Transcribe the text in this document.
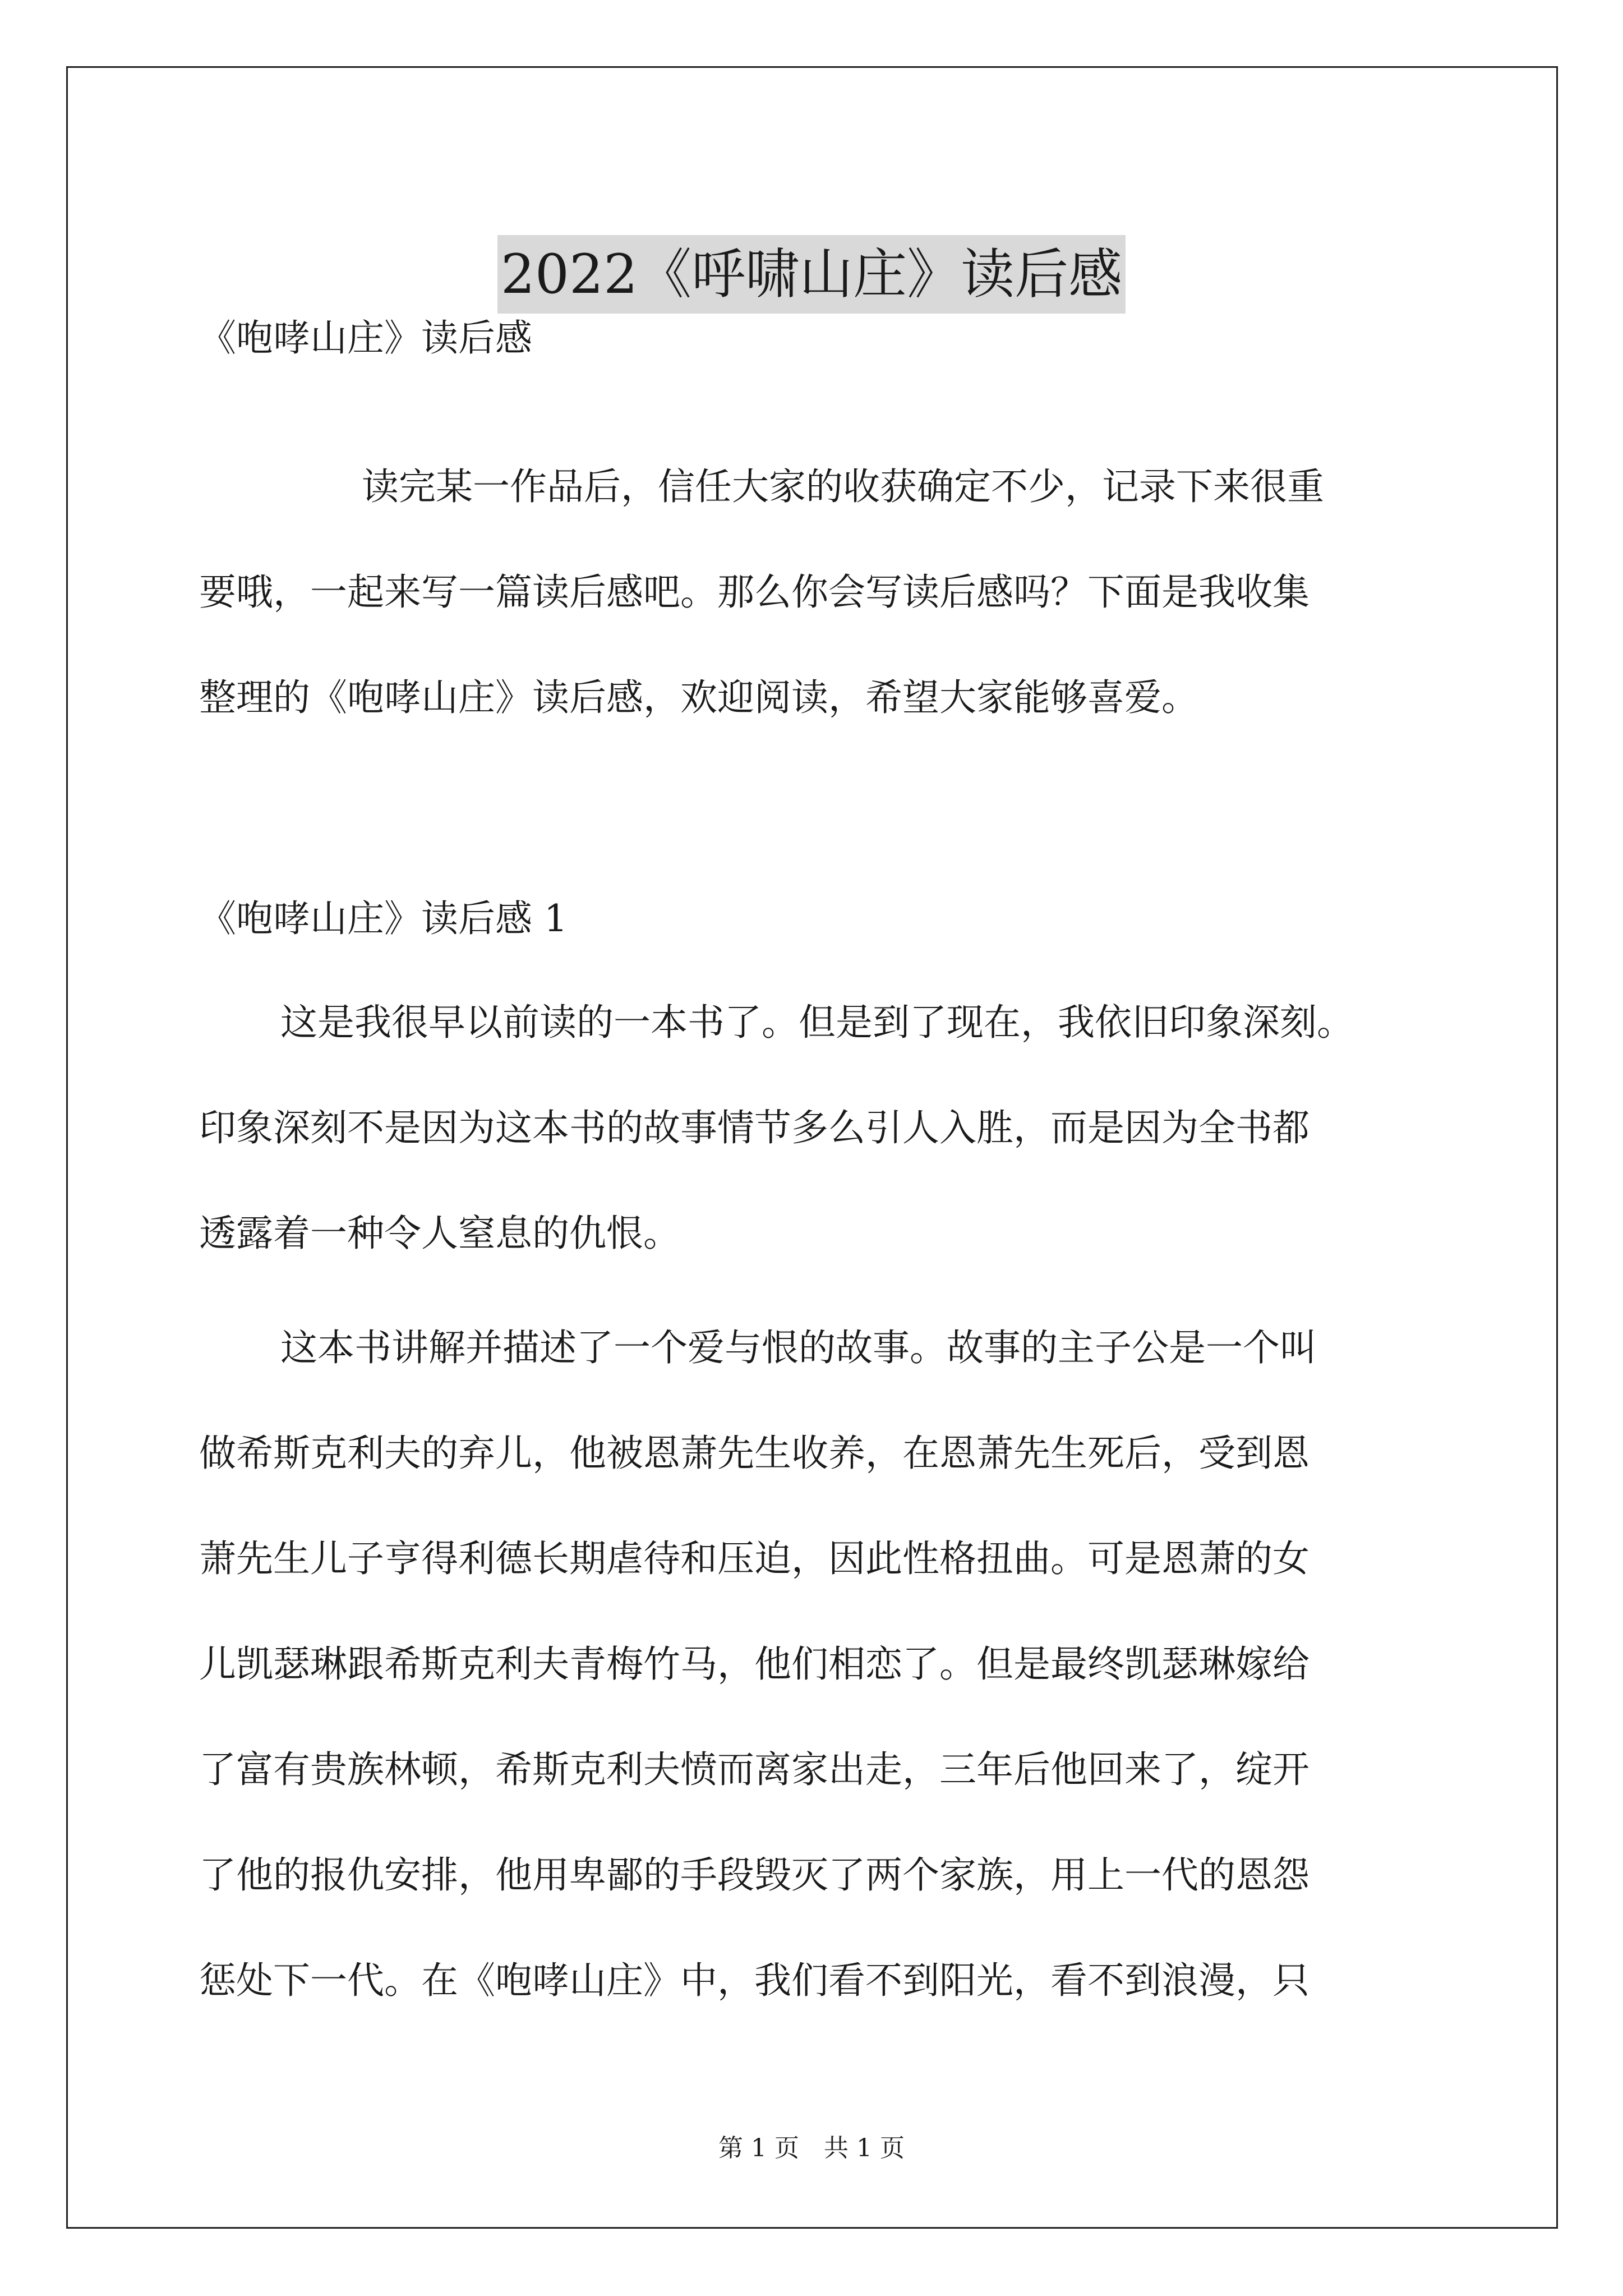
2022《呼啸山庄》读后感

《咆哮山庄》读后感

读完某一作品后，信任大家的收获确定不少，记录下来很重
要哦，一起来写一篇读后感吧。那么你会写读后感吗？下面是我收集
整理的《咆哮山庄》读后感，欢迎阅读，希望大家能够喜爱。

《咆哮山庄》读后感 1

这是我很早以前读的一本书了。但是到了现在，我依旧印象深刻。
印象深刻不是因为这本书的故事情节多么引人入胜，而是因为全书都
透露着一种令人窒息的仇恨。
这本书讲解并描述了一个爱与恨的故事。故事的主子公是一个叫
做希斯克利夫的弃儿，他被恩萧先生收养，在恩萧先生死后，受到恩
萧先生儿子亨得利德长期虐待和压迫，因此性格扭曲。可是恩萧的女
儿凯瑟琳跟希斯克利夫青梅竹马，他们相恋了。但是最终凯瑟琳嫁给
了富有贵族林顿，希斯克利夫愤而离家出走，三年后他回来了，绽开
了他的报仇安排，他用卑鄙的手段毁灭了两个家族，用上一代的恩怨
惩处下一代。在《咆哮山庄》中，我们看不到阳光，看不到浪漫，只
第 1 页　共 1 页
